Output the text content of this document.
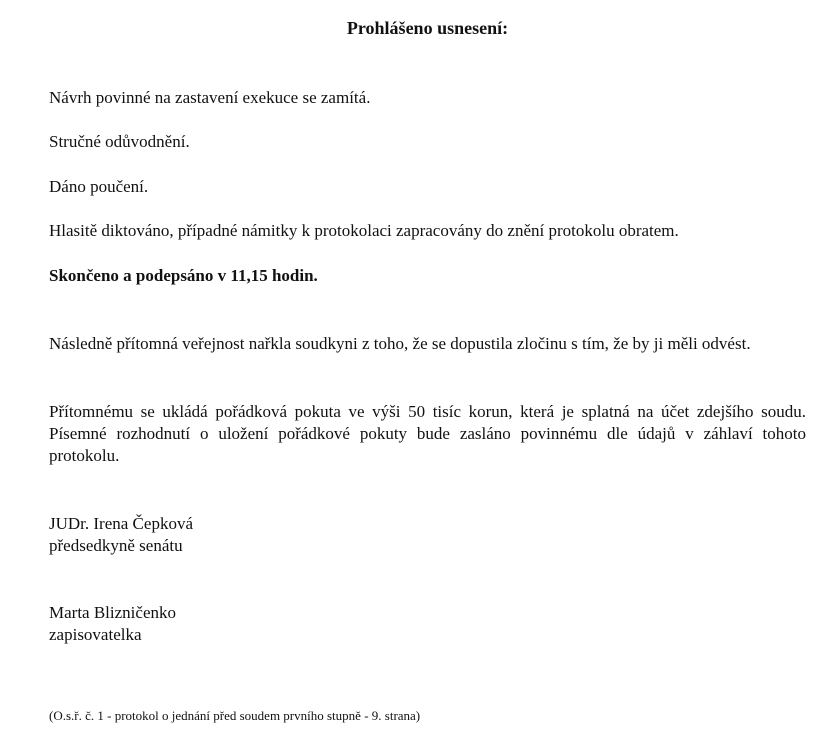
Prohlášeno usnesení:

Návrh povinné na zastavení exekuce se zamítá.

Stručné odůvodnění.

Dáno poučení.

Hlasitě diktováno, případné námitky k protokolaci zapracovány do znění protokolu obratem.

Skončeno a podepsáno v 11,15 hodin.

Následně přítomná veřejnost nařkla soudkyni z toho, že se dopustila zločinu s tím, že by ji měli odvést.

Přítomnému se ukládá pořádková pokuta ve výši 50 tisíc korun, která je splatná na účet zdejšího soudu. Písemné rozhodnutí o uložení pořádkové pokuty bude zasláno povinnému dle údajů v záhlaví tohoto protokolu.

JUDr. Irena Čepková
předsedkyně senátu
Marta Blizničenko
zapisovatelka
(O.s.ř. č. 1 - protokol o jednání před soudem prvního stupně - 9. strana)
